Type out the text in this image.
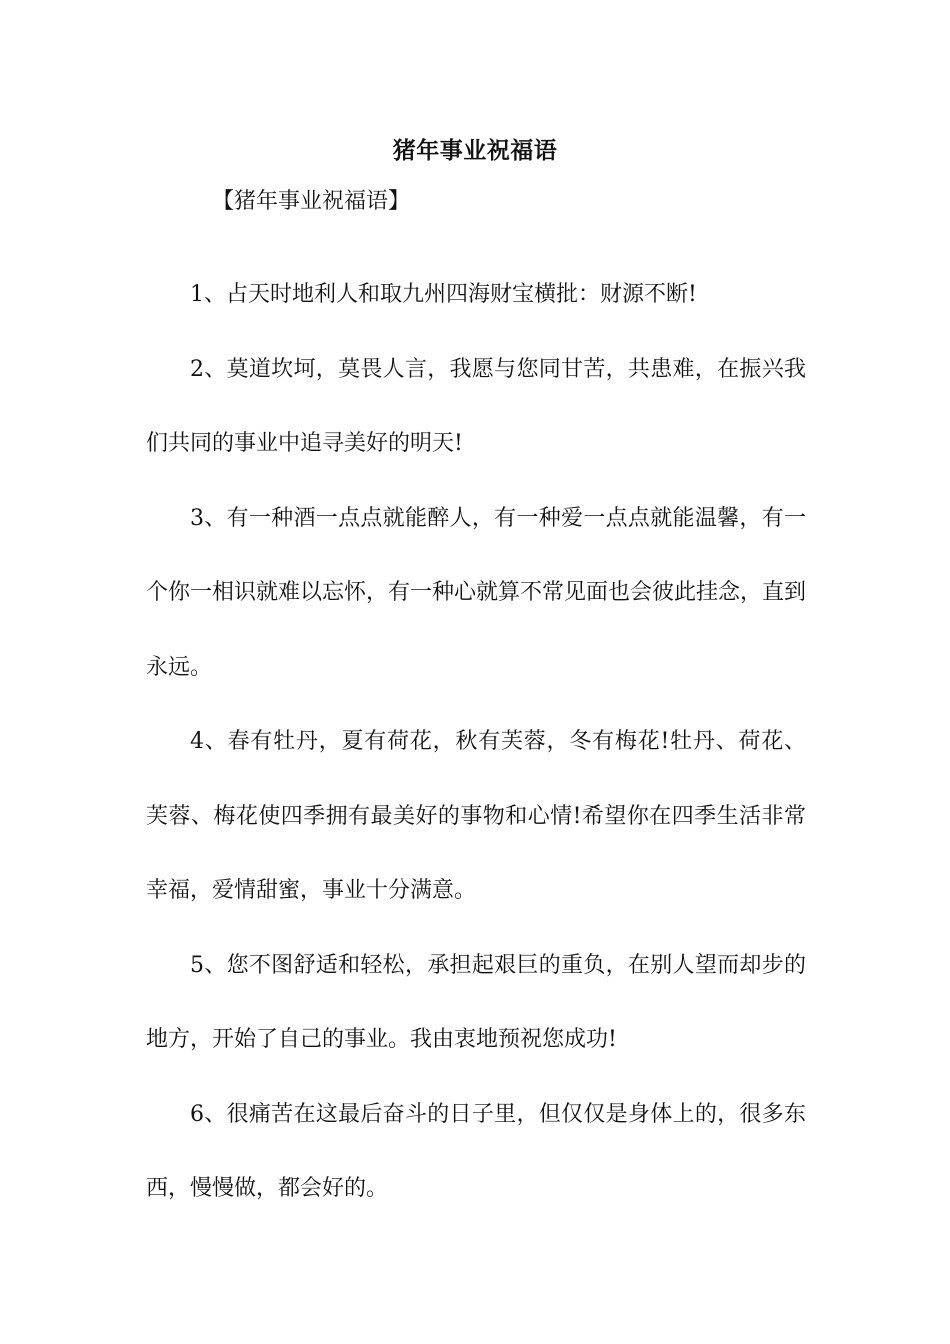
猪年事业祝福语
【猪年事业祝福语】

1、占天时地利人和取九州四海财宝横批：财源不断!

2、莫道坎坷，莫畏人言，我愿与您同甘苦，共患难，在振兴我们共同的事业中追寻美好的明天!

3、有一种酒一点点就能醉人，有一种爱一点点就能温馨，有一个你一相识就难以忘怀，有一种心就算不常见面也会彼此挂念，直到永远。

4、春有牡丹，夏有荷花，秋有芙蓉，冬有梅花!牡丹、荷花、芙蓉、梅花使四季拥有最美好的事物和心情!希望你在四季生活非常幸福，爱情甜蜜，事业十分满意。

5、您不图舒适和轻松，承担起艰巨的重负，在别人望而却步的地方，开始了自己的事业。我由衷地预祝您成功!

6、很痛苦在这最后奋斗的日子里，但仅仅是身体上的，很多东西，慢慢做，都会好的。
